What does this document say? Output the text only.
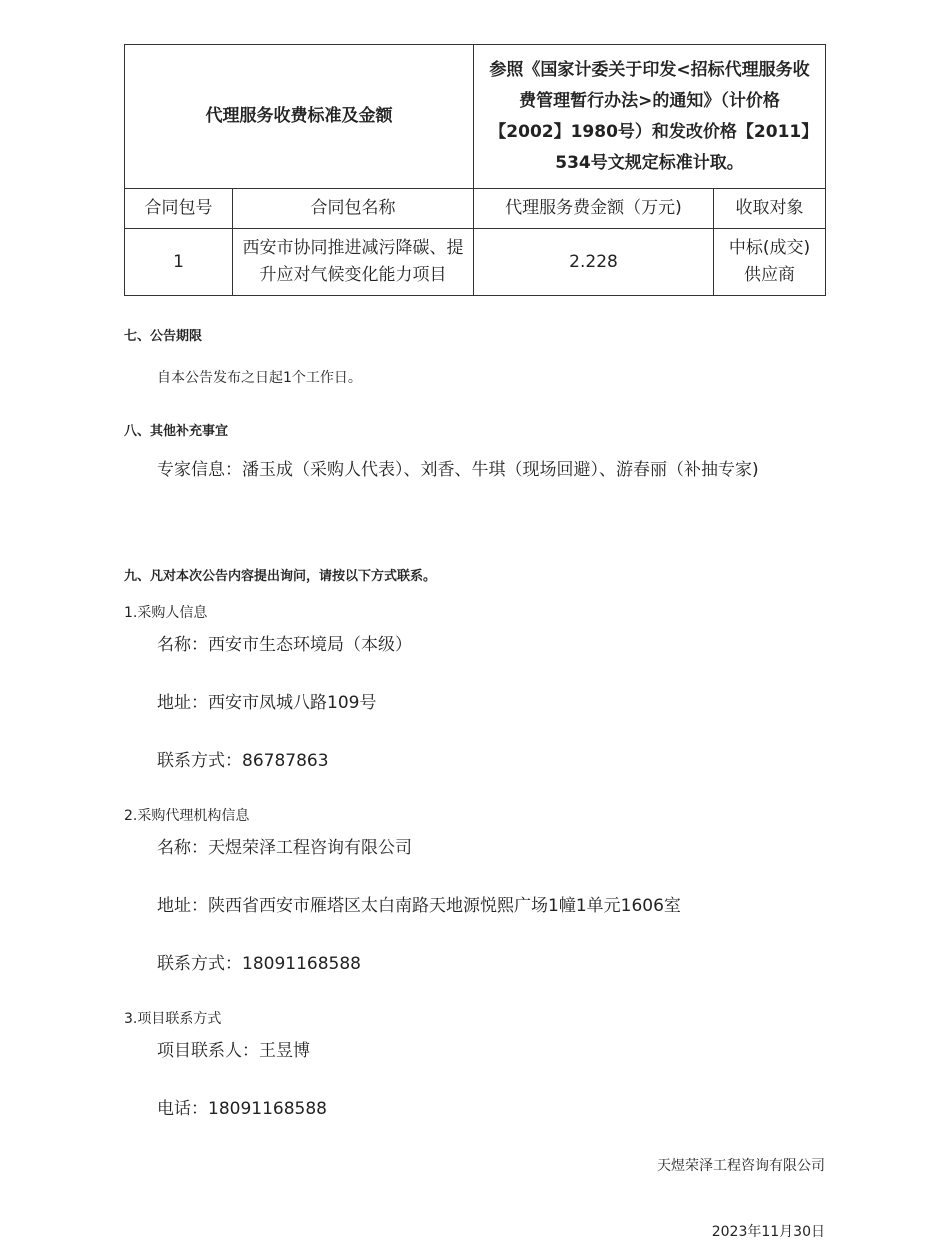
代理服务收费标准及金额		参照《国家计委关于印发<招标代理服务收费管理暂行办法>的通知》（计价格【2002】1980号）和发改价格【2011】534号文规定标准计取。	
合同包号	合同包名称	代理服务费金额（万元)	收取对象
1	西安市协同推进减污降碳、提升应对气候变化能力项目	2.228	中标(成交)供应商
七、公告期限
自本公告发布之日起1个工作日。
八、其他补充事宜
专家信息：潘玉成（采购人代表）、刘香、牛琪（现场回避）、游春丽（补抽专家)
九、凡对本次公告内容提出询问，请按以下方式联系。
1.采购人信息
名称：西安市生态环境局（本级）
地址：西安市凤城八路109号
联系方式：86787863
2.采购代理机构信息
名称：天煜荣泽工程咨询有限公司
地址：陕西省西安市雁塔区太白南路天地源悦熙广场1幢1单元1606室
联系方式：18091168588
3.项目联系方式
项目联系人：王昱博
电话：18091168588
天煜荣泽工程咨询有限公司
2023年11月30日
